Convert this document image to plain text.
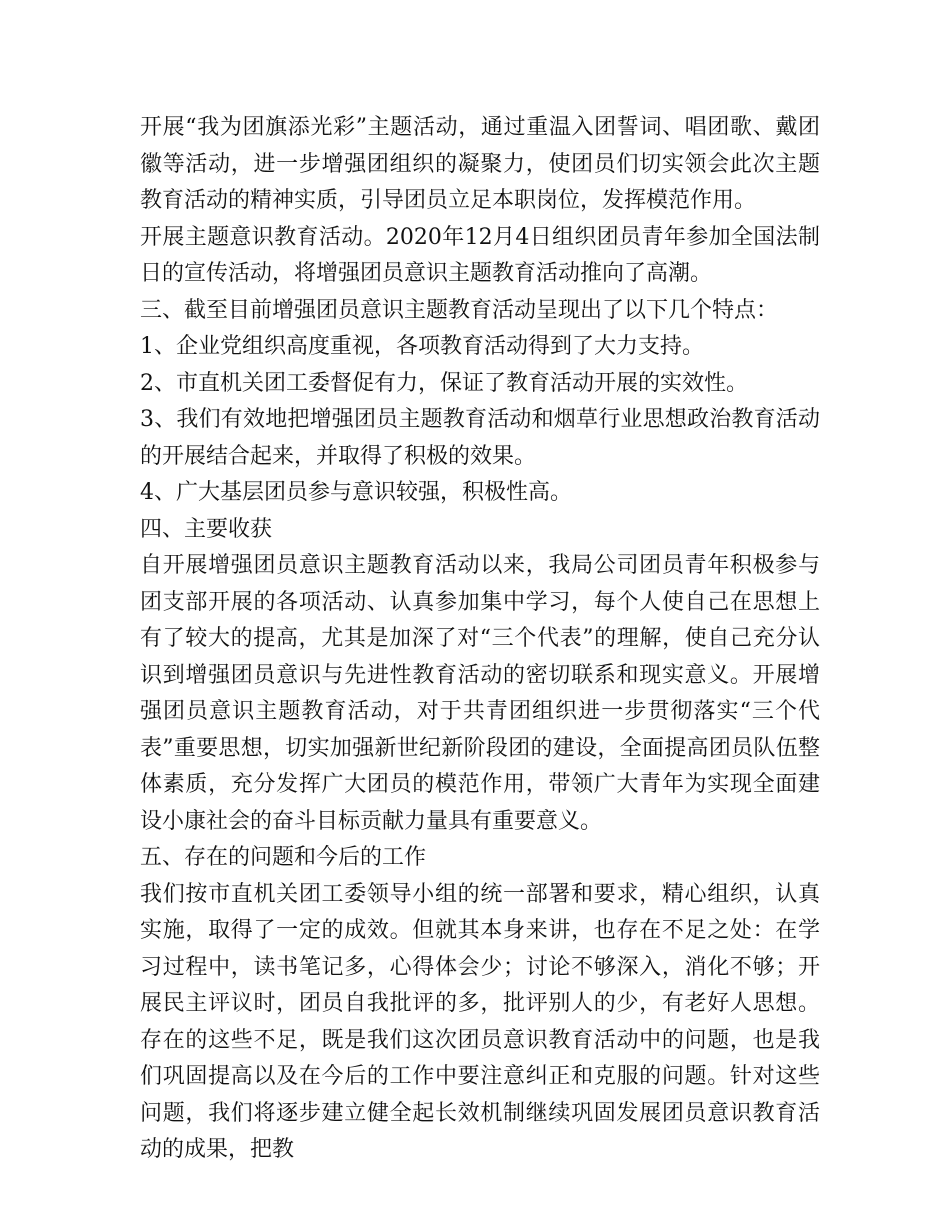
开展“我为团旗添光彩”主题活动，通过重温入团誓词、唱团歌、戴团徽等活动，进一步增强团组织的凝聚力，使团员们切实领会此次主题教育活动的精神实质，引导团员立足本职岗位，发挥模范作用。

开展主题意识教育活动。2020年12月4日组织团员青年参加全国法制日的宣传活动，将增强团员意识主题教育活动推向了高潮。

三、截至目前增强团员意识主题教育活动呈现出了以下几个特点：

1、企业党组织高度重视，各项教育活动得到了大力支持。

2、市直机关团工委督促有力，保证了教育活动开展的实效性。

3、我们有效地把增强团员主题教育活动和烟草行业思想政治教育活动的开展结合起来，并取得了积极的效果。

4、广大基层团员参与意识较强，积极性高。

四、主要收获

自开展增强团员意识主题教育活动以来，我局公司团员青年积极参与团支部开展的各项活动、认真参加集中学习，每个人使自己在思想上有了较大的提高，尤其是加深了对“三个代表”的理解，使自己充分认识到增强团员意识与先进性教育活动的密切联系和现实意义。开展增强团员意识主题教育活动，对于共青团组织进一步贯彻落实“三个代表”重要思想，切实加强新世纪新阶段团的建设，全面提高团员队伍整体素质，充分发挥广大团员的模范作用，带领广大青年为实现全面建设小康社会的奋斗目标贡献力量具有重要意义。

五、存在的问题和今后的工作

我们按市直机关团工委领导小组的统一部署和要求，精心组织，认真实施，取得了一定的成效。但就其本身来讲，也存在不足之处：在学习过程中，读书笔记多，心得体会少；讨论不够深入，消化不够；开展民主评议时，团员自我批评的多，批评别人的少，有老好人思想。存在的这些不足，既是我们这次团员意识教育活动中的问题，也是我们巩固提高以及在今后的工作中要注意纠正和克服的问题。针对这些问题，我们将逐步建立健全起长效机制继续巩固发展团员意识教育活动的成果，把教
